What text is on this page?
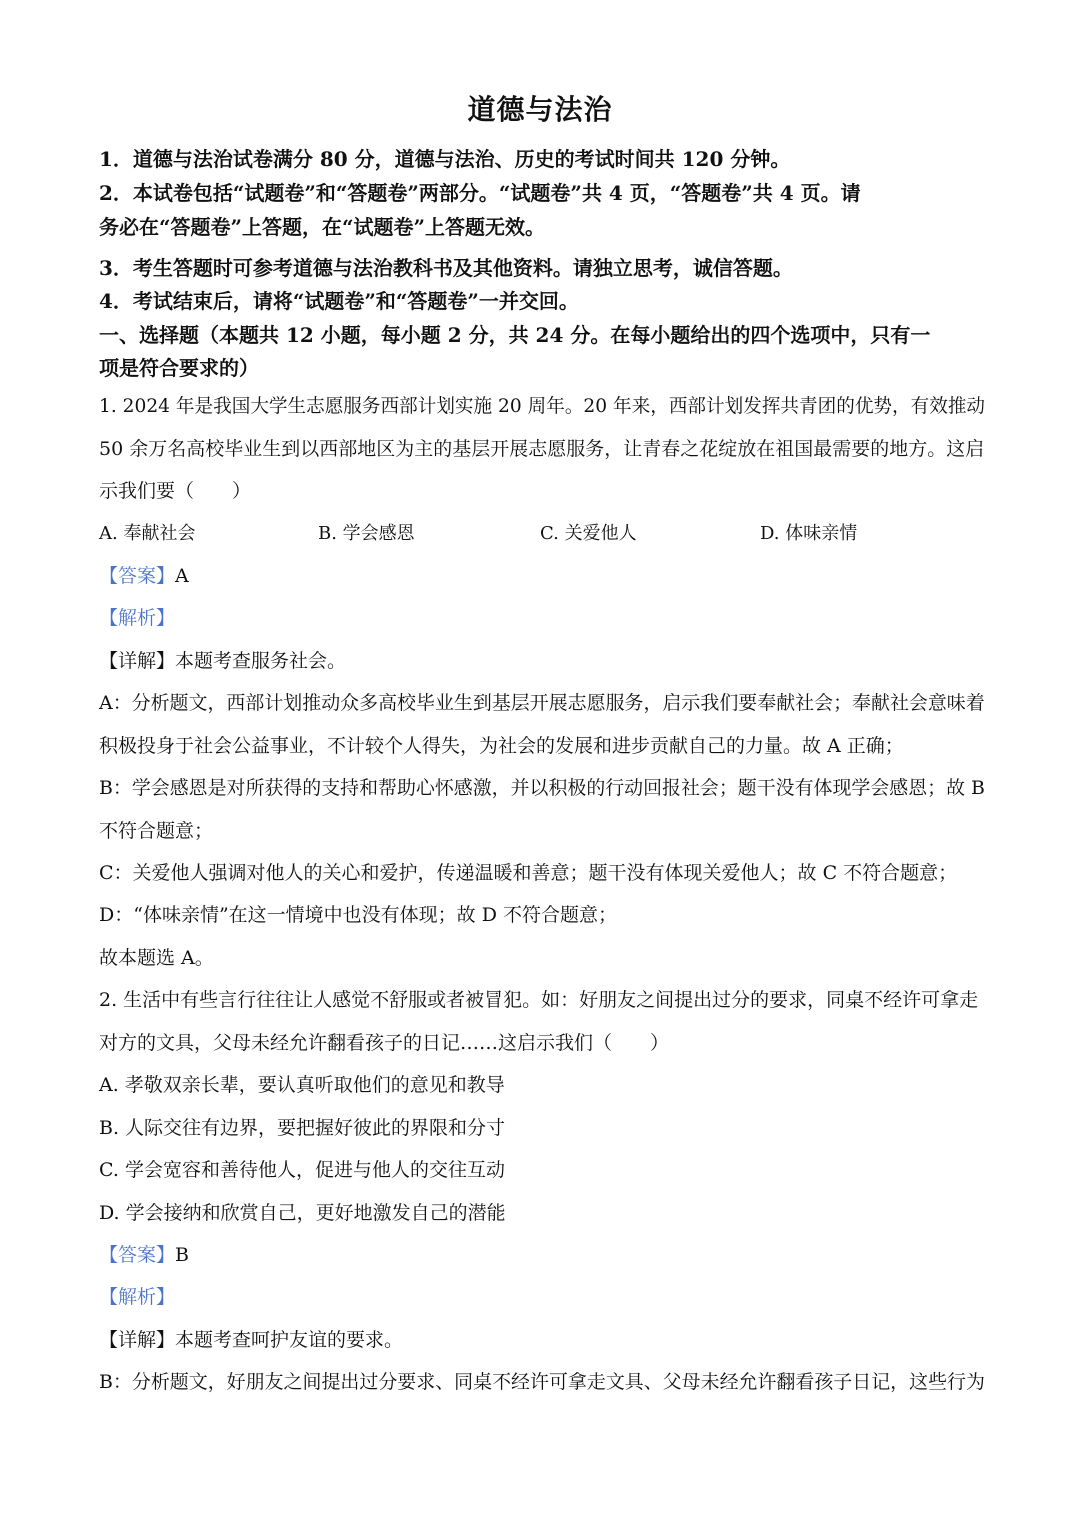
道德与法治
1．道德与法治试卷满分 80 分，道德与法治、历史的考试时间共 120 分钟。
2．本试卷包括“试题卷”和“答题卷”两部分。“试题卷”共 4 页，“答题卷”共 4 页。请
务必在“答题卷”上答题，在“试题卷”上答题无效。
3．考生答题时可参考道德与法治教科书及其他资料。请独立思考，诚信答题。
4．考试结束后，请将“试题卷”和“答题卷”一并交回。
一、选择题（本题共 12 小题，每小题 2 分，共 24 分。在每小题给出的四个选项中，只有一
项是符合要求的）
1. 2024 年是我国大学生志愿服务西部计划实施 20 周年。20 年来，西部计划发挥共青团的优势，有效推动
50 余万名高校毕业生到以西部地区为主的基层开展志愿服务，让青春之花绽放在祖国最需要的地方。这启
示我们要（　　）
A. 奉献社会	B. 学会感恩	C. 关爱他人	D. 体味亲情
【答案】A
【解析】
【详解】本题考查服务社会。
A：分析题文，西部计划推动众多高校毕业生到基层开展志愿服务，启示我们要奉献社会；奉献社会意味着
积极投身于社会公益事业，不计较个人得失，为社会的发展和进步贡献自己的力量。故 A 正确；
B：学会感恩是对所获得的支持和帮助心怀感激，并以积极的行动回报社会；题干没有体现学会感恩；故 B
不符合题意；
C：关爱他人强调对他人的关心和爱护，传递温暖和善意；题干没有体现关爱他人；故 C 不符合题意；
D：“体味亲情”在这一情境中也没有体现；故 D 不符合题意；
故本题选 A。
2. 生活中有些言行往往让人感觉不舒服或者被冒犯。如：好朋友之间提出过分的要求，同桌不经许可拿走
对方的文具，父母未经允许翻看孩子的日记……这启示我们（　　）
A. 孝敬双亲长辈，要认真听取他们的意见和教导
B. 人际交往有边界，要把握好彼此的界限和分寸
C. 学会宽容和善待他人，促进与他人的交往互动
D. 学会接纳和欣赏自己，更好地激发自己的潜能
【答案】B
【解析】
【详解】本题考查呵护友谊的要求。
B：分析题文，好朋友之间提出过分要求、同桌不经许可拿走文具、父母未经允许翻看孩子日记，这些行为
